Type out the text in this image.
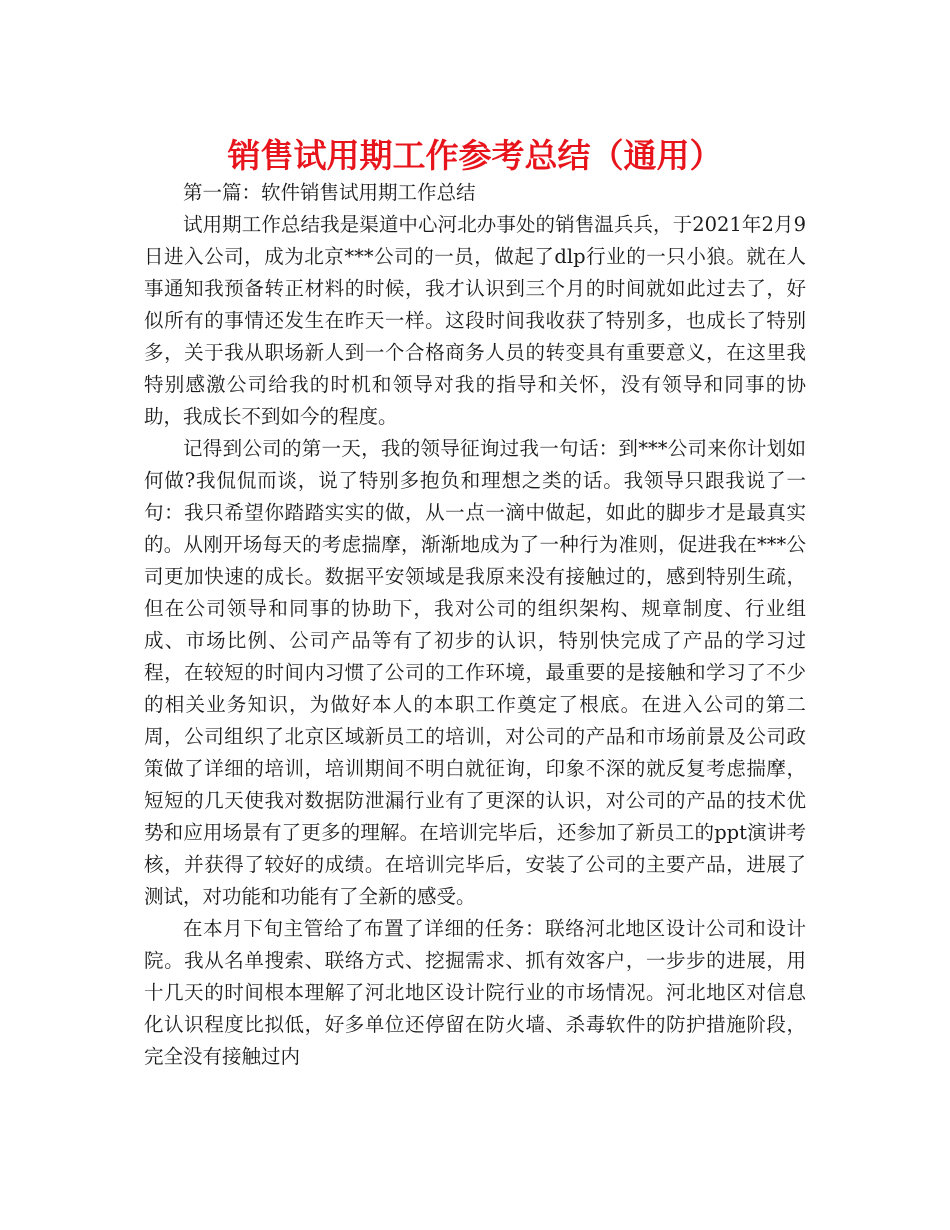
销售试用期工作参考总结（通用）

第一篇：软件销售试用期工作总结

试用期工作总结我是渠道中心河北办事处的销售温兵兵，于2021年2月9日进入公司，成为北京***公司的一员，做起了dlp行业的一只小狼。就在人事通知我预备转正材料的时候，我才认识到三个月的时间就如此过去了，好似所有的事情还发生在昨天一样。这段时间我收获了特别多，也成长了特别多，关于我从职场新人到一个合格商务人员的转变具有重要意义，在这里我特别感激公司给我的时机和领导对我的指导和关怀，没有领导和同事的协助，我成长不到如今的程度。

记得到公司的第一天，我的领导征询过我一句话：到***公司来你计划如何做?我侃侃而谈，说了特别多抱负和理想之类的话。我领导只跟我说了一句：我只希望你踏踏实实的做，从一点一滴中做起，如此的脚步才是最真实的。从刚开场每天的考虑揣摩，渐渐地成为了一种行为准则，促进我在***公司更加快速的成长。数据平安领域是我原来没有接触过的，感到特别生疏，但在公司领导和同事的协助下，我对公司的组织架构、规章制度、行业组成、市场比例、公司产品等有了初步的认识，特别快完成了产品的学习过程，在较短的时间内习惯了公司的工作环境，最重要的是接触和学习了不少的相关业务知识，为做好本人的本职工作奠定了根底。在进入公司的第二周，公司组织了北京区域新员工的培训，对公司的产品和市场前景及公司政策做了详细的培训，培训期间不明白就征询，印象不深的就反复考虑揣摩，短短的几天使我对数据防泄漏行业有了更深的认识，对公司的产品的技术优势和应用场景有了更多的理解。在培训完毕后，还参加了新员工的ppt演讲考核，并获得了较好的成绩。在培训完毕后，安装了公司的主要产品，进展了测试，对功能和功能有了全新的感受。

在本月下旬主管给了布置了详细的任务：联络河北地区设计公司和设计院。我从名单搜索、联络方式、挖掘需求、抓有效客户，一步步的进展，用十几天的时间根本理解了河北地区设计院行业的市场情况。河北地区对信息化认识程度比拟低，好多单位还停留在防火墙、杀毒软件的防护措施阶段，完全没有接触过内
